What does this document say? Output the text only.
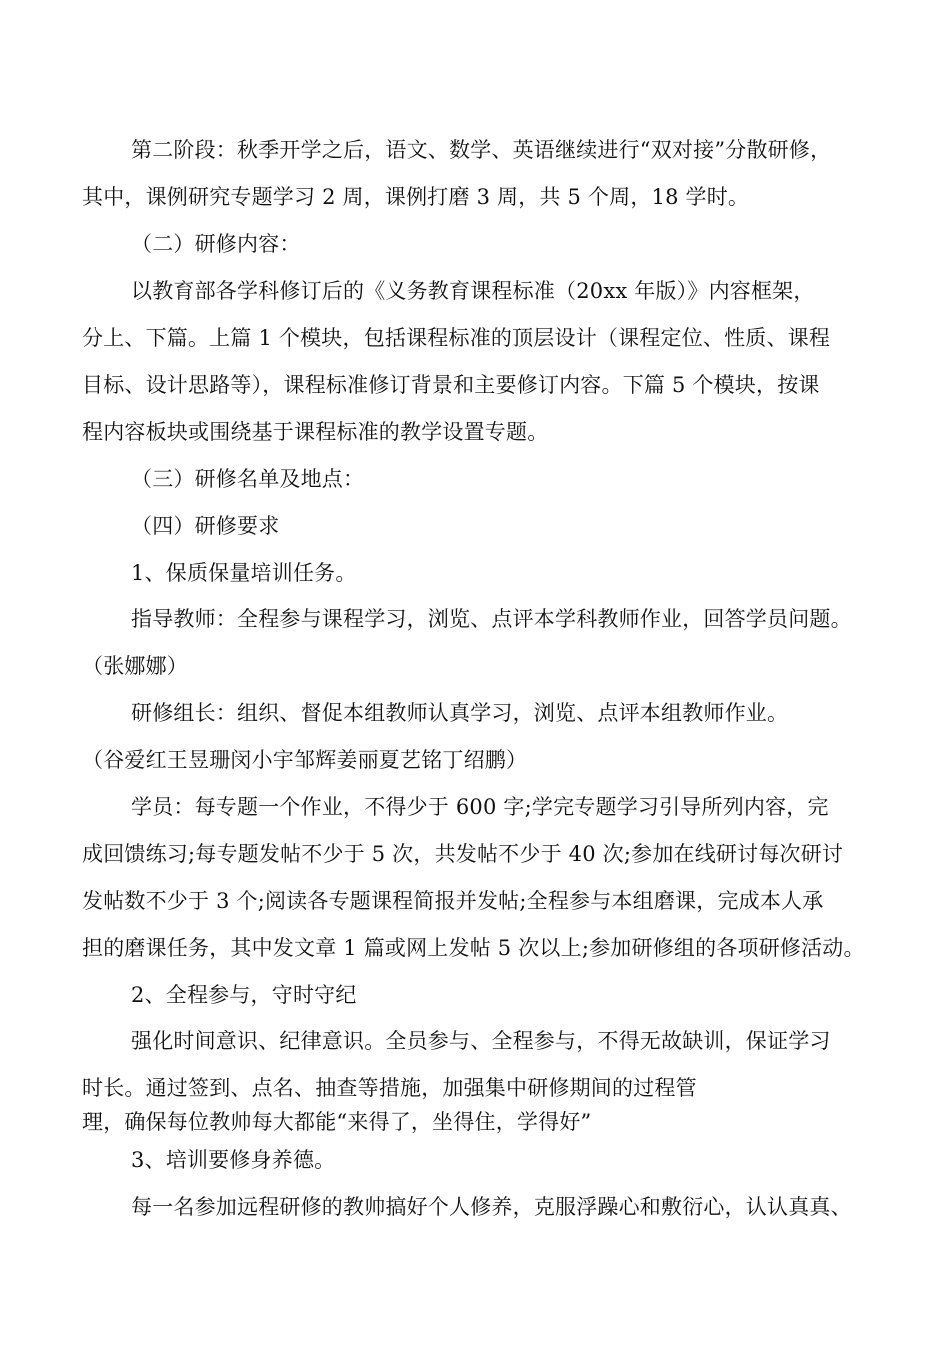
第二阶段：秋季开学之后，语文、数学、英语继续进行“双对接”分散研修，
其中，课例研究专题学习 2 周，课例打磨 3 周，共 5 个周，18 学时。
（二）研修内容：
以教育部各学科修订后的《义务教育课程标准（20xx 年版）》内容框架，
分上、下篇。上篇 1 个模块，包括课程标准的顶层设计（课程定位、性质、课程
目标、设计思路等），课程标准修订背景和主要修订内容。下篇 5 个模块，按课
程内容板块或围绕基于课程标准的教学设置专题。
（三）研修名单及地点：
（四）研修要求
1、保质保量培训任务。
指导教师：全程参与课程学习，浏览、点评本学科教师作业，回答学员问题。
（张娜娜）
研修组长：组织、督促本组教师认真学习，浏览、点评本组教师作业。
（谷爱红王昱珊闵小宇邹辉姜丽夏艺铭丁绍鹏）
学员：每专题一个作业，不得少于 600 字;学完专题学习引导所列内容，完
成回馈练习;每专题发帖不少于 5 次，共发帖不少于 40 次;参加在线研讨每次研讨
发帖数不少于 3 个;阅读各专题课程简报并发帖;全程参与本组磨课，完成本人承
担的磨课任务，其中发文章 1 篇或网上发帖 5 次以上;参加研修组的各项研修活动。
2、全程参与，守时守纪
强化时间意识、纪律意识。全员参与、全程参与，不得无故缺训，保证学习
时长。通过签到、点名、抽查等措施，加强集中研修期间的过程管
理，确保每位教帅每大都能“来得了，坐得住，学得好”
3、培训要修身养德。
每一名参加远程研修的教帅搞好个人修养，克服浮躁心和敷衍心，认认真真、
